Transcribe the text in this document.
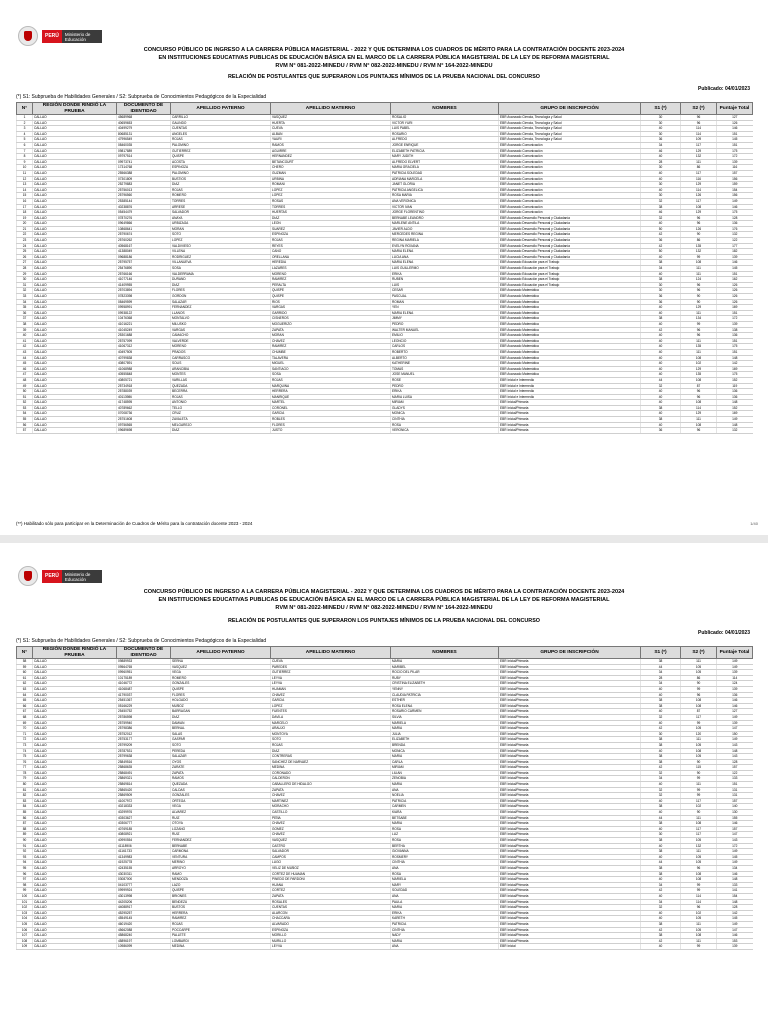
PERÚ	Ministerio de Educación
CONCURSO PÚBLICO DE INGRESO A LA CARRERA PÚBLICA MAGISTERIAL - 2022 Y QUE DETERMINA LOS CUADROS DE MÉRITO PARA LA CONTRATACIÓN DOCENTE 2023-2024
EN INSTITUCIONES EDUCATIVAS PUBLICAS DE EDUCACIÓN BÁSICA EN EL MARCO DE LA CARRERA PÚBLICA MAGISTERIAL DE LA LEY DE REFORMA MAGISTERIAL
RVM N° 081-2022-MINEDU / RVM N° 082-2022-MINEDU / RVM N° 164-2022-MINEDU
RELACIÓN DE POSTULANTES QUE SUPERARON LOS PUNTAJES MÍNIMOS DE LA PRUEBA NACIONAL DEL CONCURSO
Publicado: 04/01/2023
(*) S1: Subprueba de Habilidades Generales / S2: Subprueba de Conocimientos Pedagógicos de la Especialidad
N°	REGIÓN DONDE RINDIÓ LA PRUEBA	DOCUMENTO DE IDENTIDAD	APELLIDO PATERNO	APELLIDO MATERNO	NOMBRES	GRUPO DE INSCRIPCIÓN	S1 (*)	S2 (*)	Puntaje Total
1	CALLAO	45689968	CARRILLO	VASQUEZ	ROSALIO	EBR Avanzado Ciencia, Tecnología y Salud	30	96	127
2	CALLAO	40659653	GALINDO	HUERTA	VICTOR YURI	EBR Avanzado Ciencia, Tecnología y Salud	30	96	126
3	CALLAO	40499279	CUENTAS	CUEVA	LUIS PABEL	EBR Avanzado Ciencia, Tecnología y Salud	40	114	146
4	CALLAO	80685131	ANGELES	ALBAN	ROSARIO	EBR Avanzado Ciencia, Tecnología y Salud	30	114	151
5	CALLAO	47996549	ROJAS	YAURI	ALFREDO	EBR Avanzado Ciencia, Tecnología y Salud	36	109	145
6	CALLAO	08460035	PALOMINO	RAMOS	JORGE ENRIQUE	EBR Avanzado Comunicación	34	117	151
7	CALLAO	09817889	GUTIERREZ	AGUIRRE	ELIZABETH PATRICIA	EBR Avanzado Comunicación	46	129	175
8	CALLAO	09797514	QUISPE	HERNANDEZ	MARY JUDITH	EBR Avanzado Comunicación	40	132	172
9	CALLAO	09973741	ACOSTA	BETANCOURT	ALFREDO ELVERT	EBR Avanzado Comunicación	28	111	139
10	CALLAO	17314768	ESPINOZA	CHERO	MARIA GRACIELA	EBR Avanzado Comunicación	30	86	116
11	CALLAO	25566388	PALOMINO	GUZMAN	PATRICIA SOLEDAD	EBR Avanzado Comunicación	40	117	157
12	CALLAO	07301809	BUSTIOS	URBINA	ADRIANA MARCELA	EBR Avanzado Comunicación	40	116	156
13	CALLAO	25279883	DIAZ	ROMANI	JANET GLORIA	EBR Avanzado Comunicación	30	129	159
14	CALLAO	25756013	ROJAS	LOPEZ	PATRICIA ANGELICA	EBR Avanzado Comunicación	40	114	154
15	CALLAO	25796560	ROMERO	LOPEZ	ROSA MARIA	EBR Avanzado Comunicación	30	126	156
16	CALLAO	25385144	TORRES	ROSAS	ANA VERONICA	EBR Avanzado Comunicación	32	117	149
17	CALLAO	40238876	ARRESE	TORRES	VICTOR IVAN	EBR Avanzado Comunicación	38	108	146
18	CALLAO	05454479	SALVADOR	HUERTAS	JORGE FLORENTINO	EBR Avanzado Comunicación	46	129	175
19	CALLAO	07870276	ANAYA	DIAZ	BERNABE LEANDRO	EBR Avanzado Desarrollo Personal y Ciudadanía	32	96	128
20	CALLAO	09649866	URBIZAGA	LEON	MARLENE ANTILA	EBR Avanzado Desarrollo Personal y Ciudadanía	40	96	136
21	CALLAO	10868641	MORAN	SUAREZ	JAVIER ALDO	EBR Avanzado Desarrollo Personal y Ciudadanía	50	126	176
22	CALLAO	25790674	SOTO	ESPINOZA	MERCEDES REGINA	EBR Avanzado Desarrollo Personal y Ciudadanía	42	90	132
23	CALLAO	25760262	LOPEZ	ROJAS	REGINA MARIELA	EBR Avanzado Desarrollo Personal y Ciudadanía	36	86	122
24	CALLAO	40568167	VALDIVIESO	REYES	EVELYN ROXANA	EBR Avanzado Desarrollo Personal y Ciudadanía	42	135	177
25	CALLAO	41388049	VILLENA	CANO	MARIA ELENA	EBR Avanzado Desarrollo Personal y Ciudadanía	50	132	182
26	CALLAO	09688186	RODRIGUEZ	ORELLANA	LUCIA ANA	EBR Avanzado Desarrollo Personal y Ciudadanía	40	99	139
27	CALLAO	25795757	VILLANUEVA	HEREDIA	MARIA ELENA	EBR Avanzado Educación para el Trabajo	38	108	146
28	CALLAO	25476890	SOSA	LAZARES	LUIS GUILLERMO	EBR Avanzado Educación para el Trabajo	34	111	145
29	CALLAO	25766166	VALDERRAMA	MORENO	ERIKA	EBR Avanzado Educación para el Trabajo	40	111	151
30	CALLAO	41077146	DURAND	RAMIREZ	RUBEN	EBR Avanzado Educación para el Trabajo	38	124	162
31	CALLAO	41409955	DIAZ	PERALTA	LUIS	EBR Avanzado Educación para el Trabajo	30	96	126
32	CALLAO	25703894	FLORES	QUISPE	CESAR	EBR Avanzado Matemática	30	96	126
33	CALLAO	07823398	GORDON	QUISPE	PASCUAL	EBR Avanzado Matemática	36	90	126
34	CALLAO	08469599	SALAZAR	RIOS	ROMAN	EBR Avanzado Matemática	36	90	126
35	CALLAO	09958991	FERNANDEZ	VARGAS	YEN	EBR Avanzado Matemática	40	129	169
36	CALLAO	09938122	LLANOS	GARRIDO	MARIA ELENA	EBR Avanzado Matemática	40	111	151
37	CALLAO	10476368	MONTALVO	CISNEROS	JIMMY	EBR Avanzado Matemática	38	134	172
38	CALLAO	41016221	MILUSKO	MOGUERIZO	PEDRO	EBR Avanzado Matemática	40	99	139
39	CALLAO	41045249	VARGAS	ZAPATA	WALTER MANUEL	EBR Avanzado Matemática	42	96	138
40	CALLAO	25301688	CAMACHO	MORAN	EMILIO	EBR Avanzado Matemática	40	96	136
41	CALLAO	25757099	VALVERDE	CHAVEZ	LEONCIO	EBR Avanzado Matemática	40	111	151
42	CALLAO	41067312	MORENO	RAMIREZ	CARLOS	EBR Avanzado Matemática	40	135	175
43	CALLAO	40497505	PRADOS	CHUMBE	ROBERTO	EBR Avanzado Matemática	40	111	151
44	CALLAO	40799838	CARRASCO	TALAVERA	ALBERTO	EBR Avanzado Matemática	40	108	148
45	CALLAO	40807891	SOLIS	MIGUEL	KATHERINE	EBR Avanzado Matemática	40	102	142
46	CALLAO	41068988	ARANCIBIA	SANTIAGO	TOMAS	EBR Avanzado Matemática	40	129	169
47	CALLAO	40555848	MONTES	SOSA	JOSE MANUEL	EBR Avanzado Matemática	40	135	175
48	CALLAO	40805721	VARILLAS	ROJAS	ROSE	EBR Inicial e Intermedio	44	108	152
49	CALLAO	25734918	QUEZADA	MARQUINA	PEDRO	EBR Inicial e Intermedio	32	87	119
50	CALLAO	25788039	BECERRA	HERRERA	ERIKA	EBR Inicial e Intermedio	40	96	136
51	CALLAO	40113986	ROJAS	MANRIQUE	MARIA LUISA	EBR Inicial e Intermedio	40	96	136
52	CALLAO	41748595	ANTONIO	MARTEL	MIRIAM	EBR Inicial/Primaria	40	108	148
53	CALLAO	40789662	TELLO	CORONEL	GLADYS	EBR Inicial/Primaria	38	114	152
54	CALLAO	07008736	CRUZ	GARCIA	MONICA	EBR Inicial/Primaria	40	129	169
55	CALLAO	25751608	ZAVALETA	ROBLES	CINTHIA	EBR Inicial/Primaria	38	111	149
56	CALLAO	09756565	MELGAREJO	FLORES	ROSA	EBR Inicial/Primaria	40	108	148
57	CALLAO	09689698	DIAZ	JUSTO	VERONICA	EBR Inicial/Primaria	36	96	132
(**) Habilitado sólo para participar en la Determinación de Cuadros de Mérito para la contratación docente 2023 - 2024	1/40
PERÚ	Ministerio de Educación
CONCURSO PÚBLICO DE INGRESO A LA CARRERA PÚBLICA MAGISTERIAL - 2022 Y QUE DETERMINA LOS CUADROS DE MÉRITO PARA LA CONTRATACIÓN DOCENTE 2023-2024
EN INSTITUCIONES EDUCATIVAS PUBLICAS DE EDUCACIÓN BÁSICA EN EL MARCO DE LA CARRERA PÚBLICA MAGISTERIAL DE LA LEY DE REFORMA MAGISTERIAL
RVM N° 081-2022-MINEDU / RVM N° 082-2022-MINEDU / RVM N° 164-2022-MINEDU
RELACIÓN DE POSTULANTES QUE SUPERARON LOS PUNTAJES MÍNIMOS DE LA PRUEBA NACIONAL DEL CONCURSO
Publicado: 04/01/2023
(*) S1: Subprueba de Habilidades Generales / S2: Subprueba de Conocimientos Pedagógicos de la Especialidad
N°	REGIÓN DONDE RINDIÓ LA PRUEBA	DOCUMENTO DE IDENTIDAD	APELLIDO PATERNO	APELLIDO MATERNO	NOMBRES	GRUPO DE INSCRIPCIÓN	S1 (*)	S2 (*)	Puntaje Total
58	CALLAO	09889933	SERNA	CUEVA	MARIA	EBR Inicial/Primaria	38	111	149
59	CALLAO	09564765	VASQUEZ	PAREDES	MARIBEL	EBR Inicial/Primaria	44	105	149
60	CALLAO	09960951	VEGA	GUTIERREZ	ROCIO DEL PILAR	EBR Inicial/Primaria	34	105	139
61	CALLAO	10175189	ROMERO	LEYVA	RUBY	EBR Inicial/Primaria	28	86	114
62	CALLAO	41046772	GONZALES	LEYVA	CRISTINA ELIZABETH	EBR Inicial/Primaria	34	90	124
63	CALLAO	41068487	QUISPE	HUAMAN	YENNY	EBR Inicial/Primaria	40	99	139
64	CALLAO	41790037	FLORES	CHAVEZ	CLAUDIA PATRICIA	EBR Inicial/Primaria	40	96	136
65	CALLAO	25451367	HOLGADO	GARCIA	ESTHER	EBR Inicial/Primaria	38	108	146
66	CALLAO	05166229	MUÑOZ	LOPEZ	ROSA ELENA	EBR Inicial/Primaria	38	108	146
67	CALLAO	25450752	BARRAGAN	FUENTES	ROSARIO CARMEN	EBR Inicial/Primaria	40	87	127
68	CALLAO	25786598	DIAZ	DAVILA	SILVIA	EBR Inicial/Primaria	32	117	149
69	CALLAO	25759940	DAMIAN	MARCELO	MARIELA	EBR Inicial/Primaria	40	99	139
70	CALLAO	25798386	BERNAL	ARAUJO	MARIA	EBR Inicial/Primaria	42	105	147
71	CALLAO	25752012	SALAS	MONTOYA	JULIA	EBR Inicial/Primaria	30	120	150
72	CALLAO	25753177	GASPAR	SOTO	ELIZABETH	EBR Inicial/Primaria	38	111	149
73	CALLAO	25799209	SOTO	ROJAS	BRENDA	EBR Inicial/Primaria	38	105	143
74	CALLAO	25787531	PEREDA	DIAZ	MONICA	EBR Inicial/Primaria	40	108	148
75	CALLAO	25799638	SALAZAR	CONTRERAS	MARIA	EBR Inicial/Primaria	38	105	143
76	CALLAO	25849516	OYOS	SANCHEZ DE NARVAEZ	CARLA	EBR Inicial/Primaria	38	90	128
77	CALLAO	25868635	ZARATE	MEDINA	MIRIAM	EBR Inicial/Primaria	42	115	157
78	CALLAO	25868491	ZAPATA	CORONADO	LILIAN	EBR Inicial/Primaria	32	90	122
79	CALLAO	25869321	RAMOS	CALDERON	ZENOBIA	EBR Inicial/Primaria	34	99	133
80	CALLAO	25869814	QUEZADA	CABALLERO DE HIDALGO	MARIA	EBR Inicial/Primaria	40	111	151
81	CALLAO	25865420	CALDAS	ZAPATA	ANA	EBR Inicial/Primaria	32	99	131
82	CALLAO	25869509	GONZALES	CHAVEZ	NOELIA	EBR Inicial/Primaria	32	99	131
83	CALLAO	41007972	ORTEGA	MARTINEZ	PATRICIA	EBR Inicial/Primaria	40	117	157
84	CALLAO	40218333	VEGA	MORACHO	CARMEN	EBR Inicial/Primaria	38	102	140
85	CALLAO	40299976	ALVAREZ	CASTILLO	KIARA	EBR Inicial/Primaria	40	90	130
86	CALLAO	40303627	RUIZ	PEÑA	BETSABE	EBR Inicial/Primaria	44	111	155
87	CALLAO	40306777	OTOYA	CHAVEZ	MARIA	EBR Inicial/Primaria	38	108	146
88	CALLAO	40769185	LOZANO	GOMEZ	ROSA	EBR Inicial/Primaria	40	117	157
89	CALLAO	40808921	RUIZ	CHAVEZ	LUZ	EBR Inicial/Primaria	30	117	147
90	CALLAO	40990554	FERNANDEZ	VASQUEZ	ROSA	EBR Inicial/Primaria	38	105	143
91	CALLAO	41118906	BERNABE	CASTRO	BERTHA	EBR Inicial/Primaria	40	132	172
92	CALLAO	41161733	CARMONA	SALVADOR	GIOVANNA	EBR Inicial/Primaria	38	111	149
93	CALLAO	41349983	VENTURA	CAMPOS	ROSMERY	EBR Inicial/Primaria	40	105	145
94	CALLAO	41925778	MERINO	LUGO	CINTHIA	EBR Inicial/Primaria	44	105	149
95	CALLAO	42435155	ARROYO	VELIZ DE MUÑOZ	ANA	EBR Inicial/Primaria	38	96	134
96	CALLAO	43030311	RAMO	CORTEZ DE HUAMAN	ROSA	EBR Inicial/Primaria	38	108	146
97	CALLAO	03087000	MENDOZA	PINEDO DE PARDONI	MARIELA	EBR Inicial/Primaria	40	108	148
98	CALLAO	04103777	LAZO	HUANA	MARY	EBR Inicial/Primaria	34	99	133
99	CALLAO	09999924	QUISPE	CORTEZ	SOLEDAD	EBR Inicial/Primaria	42	99	141
100	CALLAO	43013998	BRIONES	ZAPATA	ANA	EBR Inicial/Primaria	40	114	154
101	CALLAO	44205206	BENDEZU	ROSALES	PAULA	EBR Inicial/Primaria	34	114	148
102	CALLAO	44088917	BUSTOS	CUENTAS	MARIA	EBR Inicial/Primaria	32	96	128
103	CALLAO	45295257	HERRERA	ALARCON	ERIKA	EBR Inicial/Primaria	40	102	142
104	CALLAO	45549145	RAMIREZ	CHACCARA	KARETH	EBR Inicial/Primaria	40	105	145
105	CALLAO	46019420	ROJAS	ALVARADO	PATRICIA	EBR Inicial/Primaria	38	111	149
106	CALLAO	45662088	POCCARPE	ESPINOZA	CINTHIA	EBR Inicial/Primaria	42	105	147
107	CALLAO	45868240	PALLETE	MORILLO	NADY	EBR Inicial/Primaria	38	108	146
108	CALLAO	45896197	LOMBARDI	MURILLO	MARIA	EBR Inicial/Primaria	42	111	153
109	CALLAO	10986099	MEDINA	LEYVA	ANA	EBR Inicial	40	99	139
